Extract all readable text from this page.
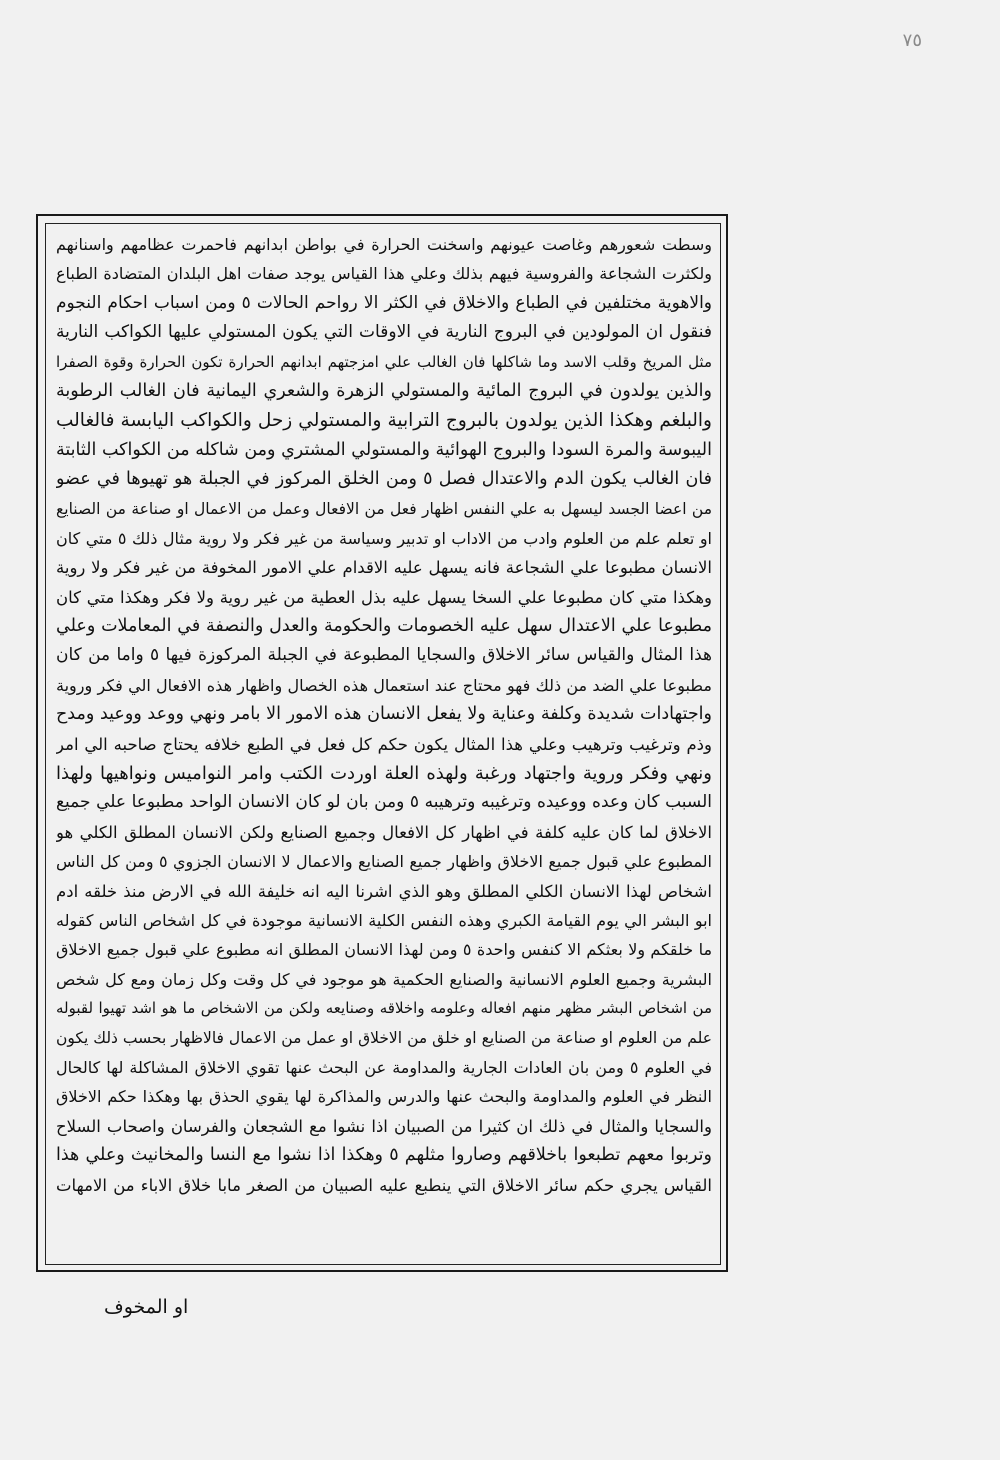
٧٥
وسطت شعورهم وغاصت عيونهم واسخنت الحرارة في بواطن ابدانهم فاحمرت عظامهم واسنانهم
ولكثرت الشجاعة والفروسية فيهم بذلك وعلي هذا القياس يوجد صفات اهل البلدان المتضادة الطباع
والاهوية مختلفين في الطباع والاخلاق في الكثر الا رواحم الحالات ٥ ومن اسباب احكام النجوم
فنقول ان المولودين في البروج النارية في الاوقات التي يكون المستولي عليها الكواكب النارية
مثل المريخ وقلب الاسد وما شاكلها فان الغالب علي امزجتهم ابدانهم الحرارة تكون الحرارة وقوة الصفرا
والذين يولدون في البروج المائية والمستولي الزهرة والشعري اليمانية فان الغالب الرطوبة
والبلغم وهكذا الذين يولدون بالبروج الترابية والمستولي زحل والكواكب اليابسة فالغالب
اليبوسة والمرة السودا والبروج الهوائية والمستولي المشتري ومن شاكله من الكواكب الثابتة
فان الغالب يكون الدم والاعتدال فصل ٥ ومن الخلق المركوز في الجبلة هو تهيوها في عضو
من اعضا الجسد ليسهل به علي النفس اظهار فعل من الافعال وعمل من الاعمال او صناعة من الصنايع
او تعلم علم من العلوم وادب من الاداب او تدبير وسياسة من غير فكر ولا روية مثال ذلك ٥ متي كان
الانسان مطبوعا علي الشجاعة فانه يسهل عليه الاقدام علي الامور المخوفة من غير فكر ولا روية
وهكذا متي كان مطبوعا علي السخا يسهل عليه بذل العطية من غير روية ولا فكر وهكذا متي كان
مطبوعا علي الاعتدال سهل عليه الخصومات والحكومة والعدل والنصفة في المعاملات وعلي
هذا المثال والقياس سائر الاخلاق والسجايا المطبوعة في الجبلة المركوزة فيها ٥ واما من كان
مطبوعا علي الضد من ذلك فهو محتاج عند استعمال هذه الخصال واظهار هذه الافعال الي فكر وروية
واجتهادات شديدة وكلفة وعناية ولا يفعل الانسان هذه الامور الا بامر ونهي ووعد ووعيد ومدح
وذم وترغيب وترهيب وعلي هذا المثال يكون حكم كل فعل في الطبع خلافه يحتاج صاحبه الي امر
ونهي وفكر وروية واجتهاد ورغبة ولهذه العلة اوردت الكتب وامر النواميس ونواهيها ولهذا
السبب كان وعده ووعيده وترغيبه وترهيبه ٥ ومن بان لو كان الانسان الواحد مطبوعا علي جميع
الاخلاق لما كان عليه كلفة في اظهار كل الافعال وجميع الصنايع ولكن الانسان المطلق الكلي هو
المطبوع علي قبول جميع الاخلاق واظهار جميع الصنايع والاعمال لا الانسان الجزوي ٥ ومن كل الناس
اشخاص لهذا الانسان الكلي المطلق وهو الذي اشرنا اليه انه خليفة الله في الارض منذ خلقه ادم
ابو البشر الي يوم القيامة الكبري وهذه النفس الكلية الانسانية موجودة في كل اشخاص الناس كقوله
ما خلقكم ولا بعثكم الا كنفس واحدة ٥ ومن لهذا الانسان المطلق انه مطبوع علي قبول جميع الاخلاق
البشرية وجميع العلوم الانسانية والصنايع الحكمية هو موجود في كل وقت وكل زمان ومع كل شخص
من اشخاص البشر مظهر منهم افعاله وعلومه واخلاقه وصنايعه ولكن من الاشخاص ما هو اشد تهيوا لقبوله
علم من العلوم او صناعة من الصنايع او خلق من الاخلاق او عمل من الاعمال فالاظهار بحسب ذلك يكون
في العلوم ٥ ومن بان العادات الجارية والمداومة عن البحث عنها تقوي الاخلاق المشاكلة لها كالحال
النظر في العلوم والمداومة والبحث عنها والدرس والمذاكرة لها يقوي الحذق بها وهكذا حكم الاخلاق
والسجايا والمثال في ذلك ان كثيرا من الصبيان اذا نشوا مع الشجعان والفرسان واصحاب السلاح
وتربوا معهم تطبعوا باخلاقهم وصاروا مثلهم ٥ وهكذا اذا نشوا مع النسا والمخانيث وعلي هذا
القياس يجري حكم سائر الاخلاق التي ينطبع عليه الصبيان من الصغر مابا خلاق الاباء من الامهات
او المخوف
